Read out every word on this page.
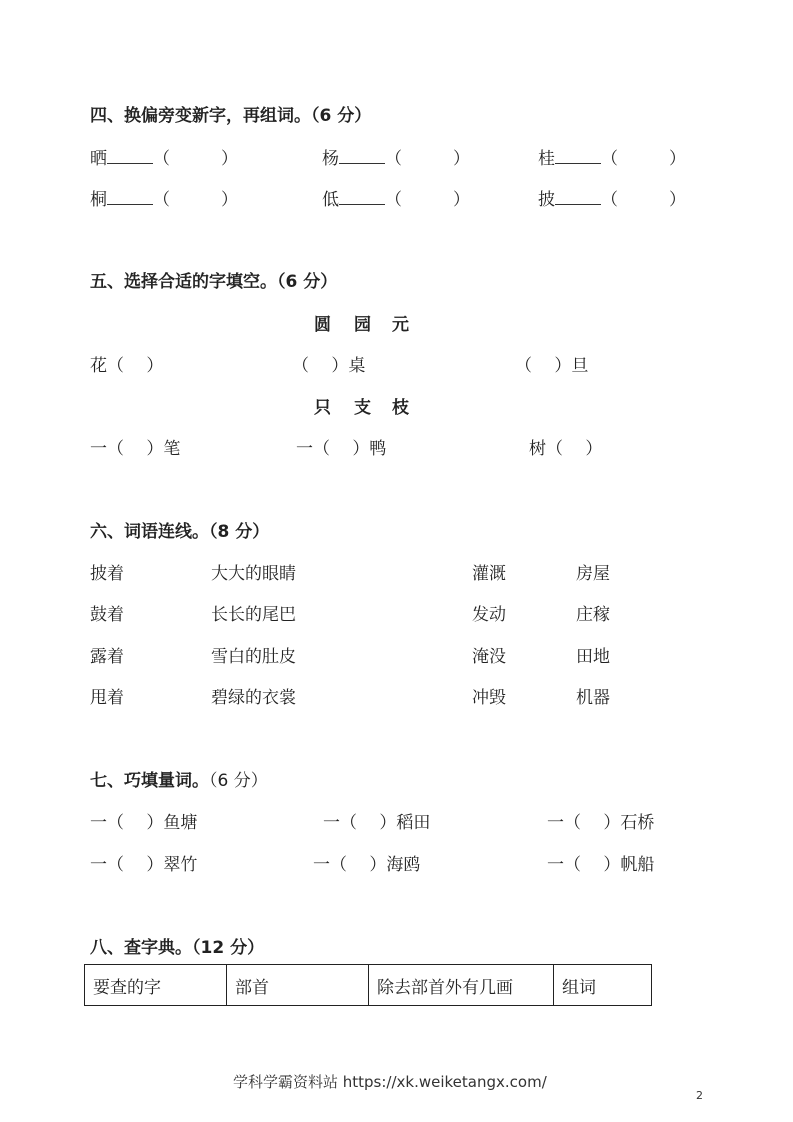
四、换偏旁变新字，再组词。（6 分）
晒	（　　　）	杨	（　　　）	桂	（　　　）
桐	（　　　）	低	（　　　）	披	（　　　）
五、选择合适的字填空。（6 分）
圆 园 元
花（　 ）	（　 ）桌	（　 ）旦
只 支 枝
一（　 ）笔	一（　 ）鸭	树（　 ）
六、词语连线。（8 分）
披着	大大的眼睛	灌溉	房屋
鼓着	长长的尾巴	发动	庄稼
露着	雪白的肚皮	淹没	田地
甩着	碧绿的衣裳	冲毁	机器
七、巧填量词。（6 分）
一（　 ）鱼塘	一（　 ）稻田	一（　 ）石桥
一（　 ）翠竹	一（　 ）海鸥	一（　 ）帆船
八、查字典。（12 分）
要查的字	部首	除去部首外有几画	组词
学科学霸资料站 https://xk.weiketangx.com/
2
